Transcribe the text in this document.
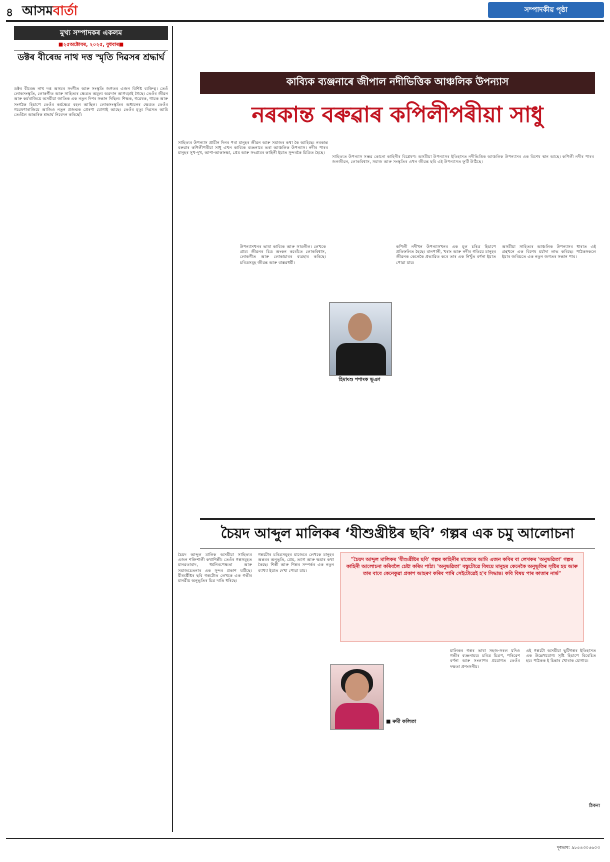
৪ আসমবার্তা	সম্পাদকীয় পৃষ্ঠা
মুখ্য সম্পাদকৰ একলম
■২৫অক্টোবৰ, ২০২৫, বুধবাৰ■
ডক্টৰ বীৰেন্দ্ৰ নাথ দত্ত স্মৃতি দিৱসৰ শ্ৰদ্ধাৰ্ঘ

ডক্টৰ বীৰেন্দ্ৰ নাথ দত্ত অসমৰ সংগীত আৰু সংস্কৃতি জগতৰ এজন বিশিষ্ট ব্যক্তিত্ব। তেওঁ লোকসংস্কৃতি, লোকগীত আৰু সাহিত্যৰ ক্ষেত্ৰত অমূল্য অৱদান আগবঢ়াই গৈছে। তেওঁৰ জীৱন আৰু কৰ্মৰাজিয়ে অসমীয়া জাতিক এক নতুন দিশৰ সন্ধান দিছিল। শিক্ষক, গৱেষক, গায়ক আৰু সংগঠক হিচাপে তেওঁৰ কৰ্মক্ষেত্ৰ বহল আছিল। লোকসংস্কৃতিৰ অধ্যয়নৰ ক্ষেত্ৰত তেওঁৰ গৱেষণাৰাজিয়ে আজিও নতুন প্ৰজন্মক প্ৰেৰণা যোগাই আছে। তেওঁৰ মৃত্যু দিৱসত আমি তেওঁলৈ আন্তৰিক শ্ৰদ্ধাৰ্ঘ নিবেদন কৰিছোঁ।

কাব্যিক ব্যঞ্জনাৰে জীপাল নদীভিত্তিক আঞ্চলিক উপন্যাস
নৰকান্ত বৰুৱাৰ কপিলীপৰীয়া সাধু

সাহিত্যৰ উপন্যাস প্ৰাচীন দিনৰ পৰা মানুহৰ জীৱন আৰু সমাজৰ কথা কৈ আহিছে। নৰকান্ত বৰুৱাৰ কপিলীপৰীয়া সাধু এখন কাব্যিক ব্যঞ্জনাৰে ভৰা আঞ্চলিক উপন্যাস। নদীৰ পাৰৰ মানুহৰ সুখ-দুখ, আশা-আকাংক্ষা, প্ৰেম আৰু সংগ্ৰামৰ কাহিনী ইয়াত সুন্দৰকৈ চিত্ৰিত হৈছে।

সাহিত্যত উপন্যাস সম্ভৱ কোনো কাহিনীৰ বিশ্লেষণ। অসমীয়া উপন্যাসৰ ইতিহাসত নদীভিত্তিক আঞ্চলিক উপন্যাসৰ এক বিশেষ স্থান আছে। কপিলী নদীৰ পাৰৰ জনজীৱন, লোকবিশ্বাস, সমাজ আৰু সংস্কৃতিৰ এখন জীৱন্ত ছবি এই উপন্যাসত ফুটি উঠিছে।

উপন্যাসখনৰ ভাষা কাব্যিক আৰু সাবলীল। লেখকে গ্ৰাম্য জীৱনৰ চিত্ৰ অংকন কৰোঁতে লোকবিশ্বাস, লোকগীত আৰু লোকাচাৰৰ ব্যৱহাৰ কৰিছে। চৰিত্ৰসমূহ জীৱন্ত আৰু বাস্তৱধৰ্মী।

হিমাংশু শশাংক ভূঞা

কপিলী নদীখন উপন্যাসখনৰ এক মূল চৰিত্ৰ হিচাপে প্ৰতিফলিত হৈছে। বানপানী, খৰাং আৰু নদীৰ গতিয়ে মানুহৰ জীৱনক কেনেকৈ প্ৰভাৱিত কৰে তাৰ এক নিখুঁত বৰ্ণনা ইয়াত পোৱা যায়।

অসমীয়া সাহিত্যৰ আঞ্চলিক উপন্যাসৰ ধাৰাত এই গ্ৰন্থখনে এক বিশেষ মৰ্যাদা লাভ কৰিছে। পাঠকসকলে ইয়াৰ জৰিয়তে এক নতুন জগতৰ সন্ধান পাব।

চৈয়দ আব্দুল মালিকৰ ‘যীশুখ্ৰীষ্টৰ ছবি’ গল্পৰ এক চমু আলোচনা

চৈয়দ আব্দুল মালিক অসমীয়া সাহিত্যৰ এজন শক্তিশালী কথাশিল্পী। তেওঁৰ গল্পসমূহত মানৱতাবাদ, ধৰ্মনিৰপেক্ষতা আৰু সমাজচেতনাৰ এক সুন্দৰ প্ৰকাশ ঘটিছে। যীশুখ্ৰীষ্টৰ ছবি গল্পটোত লেখকে এক গভীৰ মানৱীয় অনুভূতিৰ চিত্ৰ দাঙি ধৰিছে।

গল্পটোৰ চৰিত্ৰসমূহৰ মাজেৰে লেখকে মানুহৰ অন্তৰৰ অনুভূতি, প্ৰেম, ত্যাগ আৰু ক্ষমাৰ কথা কৈছে। শিল্পী আৰু শিল্পৰ সম্পৰ্কৰ এক নতুন ব্যাখ্যা ইয়াত দেখা পোৱা যায়।

"চৈয়দ আব্দুল মালিকৰ 'যীশুখ্ৰীষ্টৰ ছবি' গল্পৰ কাহিনীৰ মাজেৰে আমি এজন কবিৰ বা লেখকৰ 'অনুভৱিতা' গল্পৰ কাহিনী আলোচনা কৰিবলৈ চেষ্টা কৰিম পাঠা। 'অনুভৱিতা' বস্তুটোৱে বিষয়ে মানুহৰ কেনেকৈ অনুভূতিৰ সৃষ্টিৰ হয় আৰু তাৰ বাবে কেনেকুৱা প্ৰকাশ আহৰণ কৰিব পাৰি সেইটোৱেই হ'ব সিদ্ধান্ত। কবি বিষয় পাৰ কাতাৰ নাৰ্ভ"
■ ৰুমী কলিতা

মালিকৰ গল্পৰ ভাষা সহজ-সৰল যদিও গভীৰ ব্যঞ্জনাময়। চৰিত্ৰ চিত্ৰণ, পৰিৱেশ বৰ্ণনা আৰু সংলাপৰ প্ৰয়োগত তেওঁৰ দক্ষতা প্ৰশংসনীয়।

এই গল্পটো অসমীয়া ছুটিগল্পৰ ইতিহাসত এক উল্লেখযোগ্য সৃষ্টি হিচাপে বিবেচিত হয়। পাঠকক ই চিন্তাৰ খোৰাক যোগায়।

ঠিকনা
দূৰভাষ: ৯৮৫৪৩০৫৬০৩
